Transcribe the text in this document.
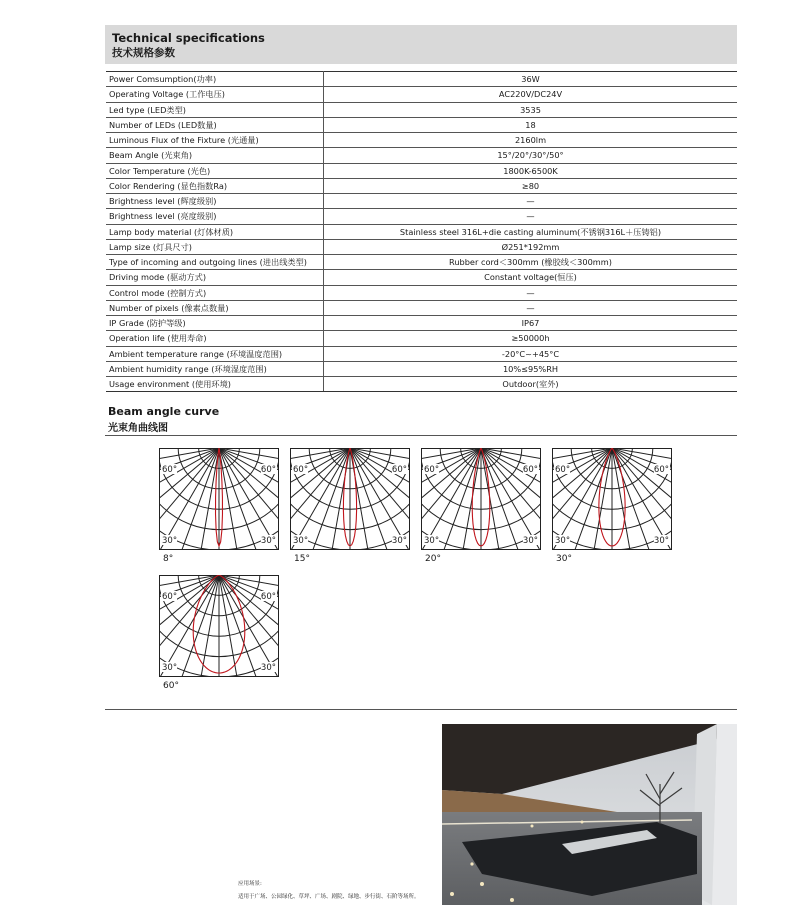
Technical specifications
技术规格参数
Power Comsumption(功率)	36W
Operating Voltage (工作电压)	AC220V/DC24V
Led type (LED类型)	3535
Number of LEDs (LED数量)	18
Luminous Flux of the Fixture (光通量)	2160lm
Beam Angle (光束角)	15°/20°/30°/50°
Color Temperature (光色)	1800K-6500K
Color Rendering (显色指数Ra)	≥80
Brightness level (辉度级别)	—
Brightness level (亮度级别)	—
Lamp body material (灯体材质)	Stainless steel 316L+die casting aluminum(不锈钢316L＋压铸铝)
Lamp size (灯具尺寸)	Ø251*192mm
Type of incoming and outgoing lines (进出线类型)	Rubber cord＜300mm (橡胶线＜300mm)
Driving mode (驱动方式)	Constant voltage(恒压)
Control mode (控制方式)	—
Number of pixels (像素点数量)	—
IP Grade (防护等级)	IP67
Operation life (使用寿命)	≥50000h
Ambient temperature range (环境温度范围)	-20°C~+45°C
Ambient humidity range (环境湿度范围)	10%≤95%RH
Usage environment (使用环境)	Outdoor(室外)
Beam angle curve
光束角曲线图
60°	60°
30°	30°
8°
60°	60°
30°	30°
15°
60°	60°
30°	30°
20°
60°	60°
30°	30°
30°
60°	60°
30°	30°
60°
应用场景:
适用于广场、公园绿化、草坪、广场、剧院、绿地、步行街、石阶等场所。
